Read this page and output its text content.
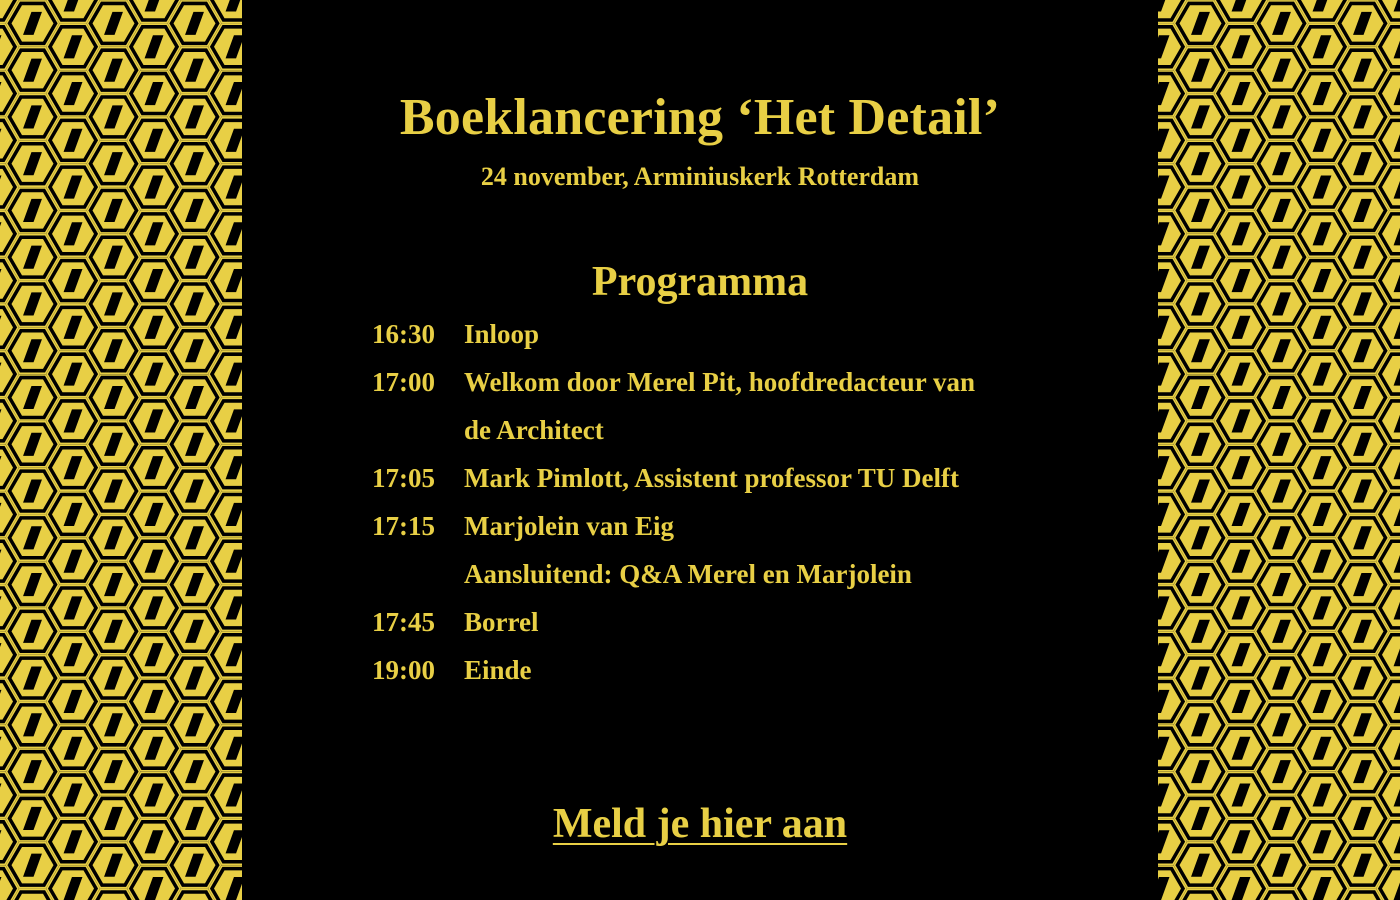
Boeklancering ‘Het Detail’
24 november, Arminiuskerk Rotterdam
Programma
16:30	Inloop
17:00	Welkom door Merel Pit, hoofdredacteur van
de Architect
17:05	Mark Pimlott, Assistent professor TU Delft
17:15	Marjolein van Eig
Aansluitend: Q&A Merel en Marjolein
17:45	Borrel
19:00	Einde
Meld je hier aan
